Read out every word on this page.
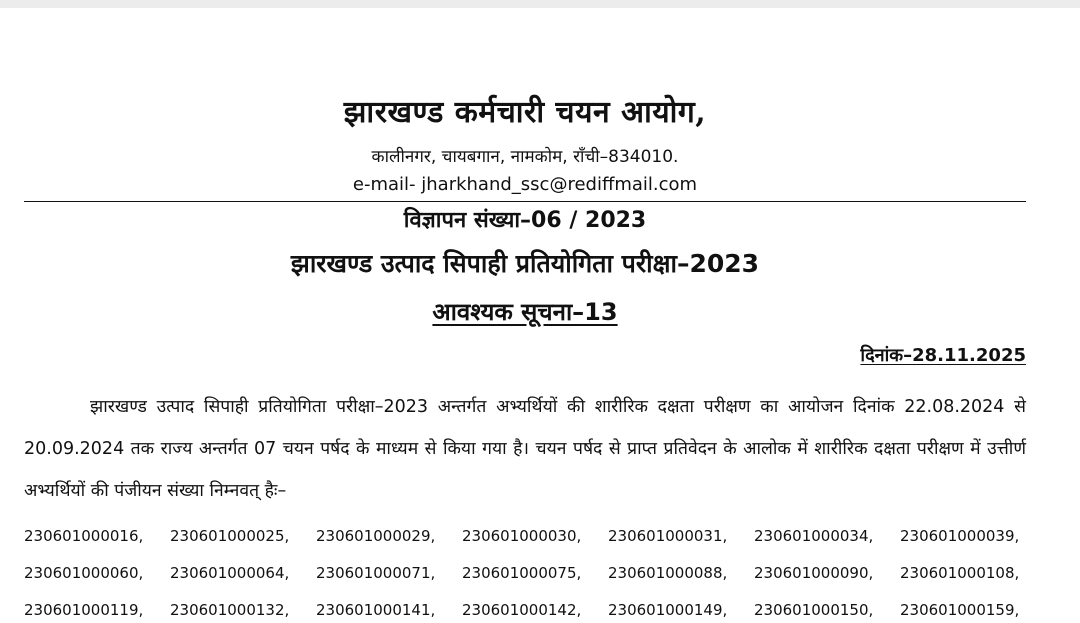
झारखण्ड कर्मचारी चयन आयोग,
कालीनगर, चायबगान, नामकोम, राँची–834010.
e-mail- jharkhand_ssc@rediffmail.com
विज्ञापन संख्या–06 / 2023
झारखण्ड उत्पाद सिपाही प्रतियोगिता परीक्षा–2023
आवश्यक सूचना–13
दिनांक–28.11.2025

झारखण्ड उत्पाद सिपाही प्रतियोगिता परीक्षा–2023 अन्तर्गत अभ्यर्थियों की शारीरिक दक्षता परीक्षण का आयोजन दिनांक 22.08.2024 से 20.09.2024 तक राज्य अन्तर्गत 07 चयन पर्षद के माध्यम से किया गया है। चयन पर्षद से प्राप्त प्रतिवेदन के आलोक में शारीरिक दक्षता परीक्षण में उत्तीर्ण अभ्यर्थियों की पंजीयन संख्या निम्नवत् हैः–

230601000016,	230601000025,	230601000029,	230601000030,	230601000031,	230601000034,	230601000039,
230601000060,	230601000064,	230601000071,	230601000075,	230601000088,	230601000090,	230601000108,
230601000119,	230601000132,	230601000141,	230601000142,	230601000149,	230601000150,	230601000159,
